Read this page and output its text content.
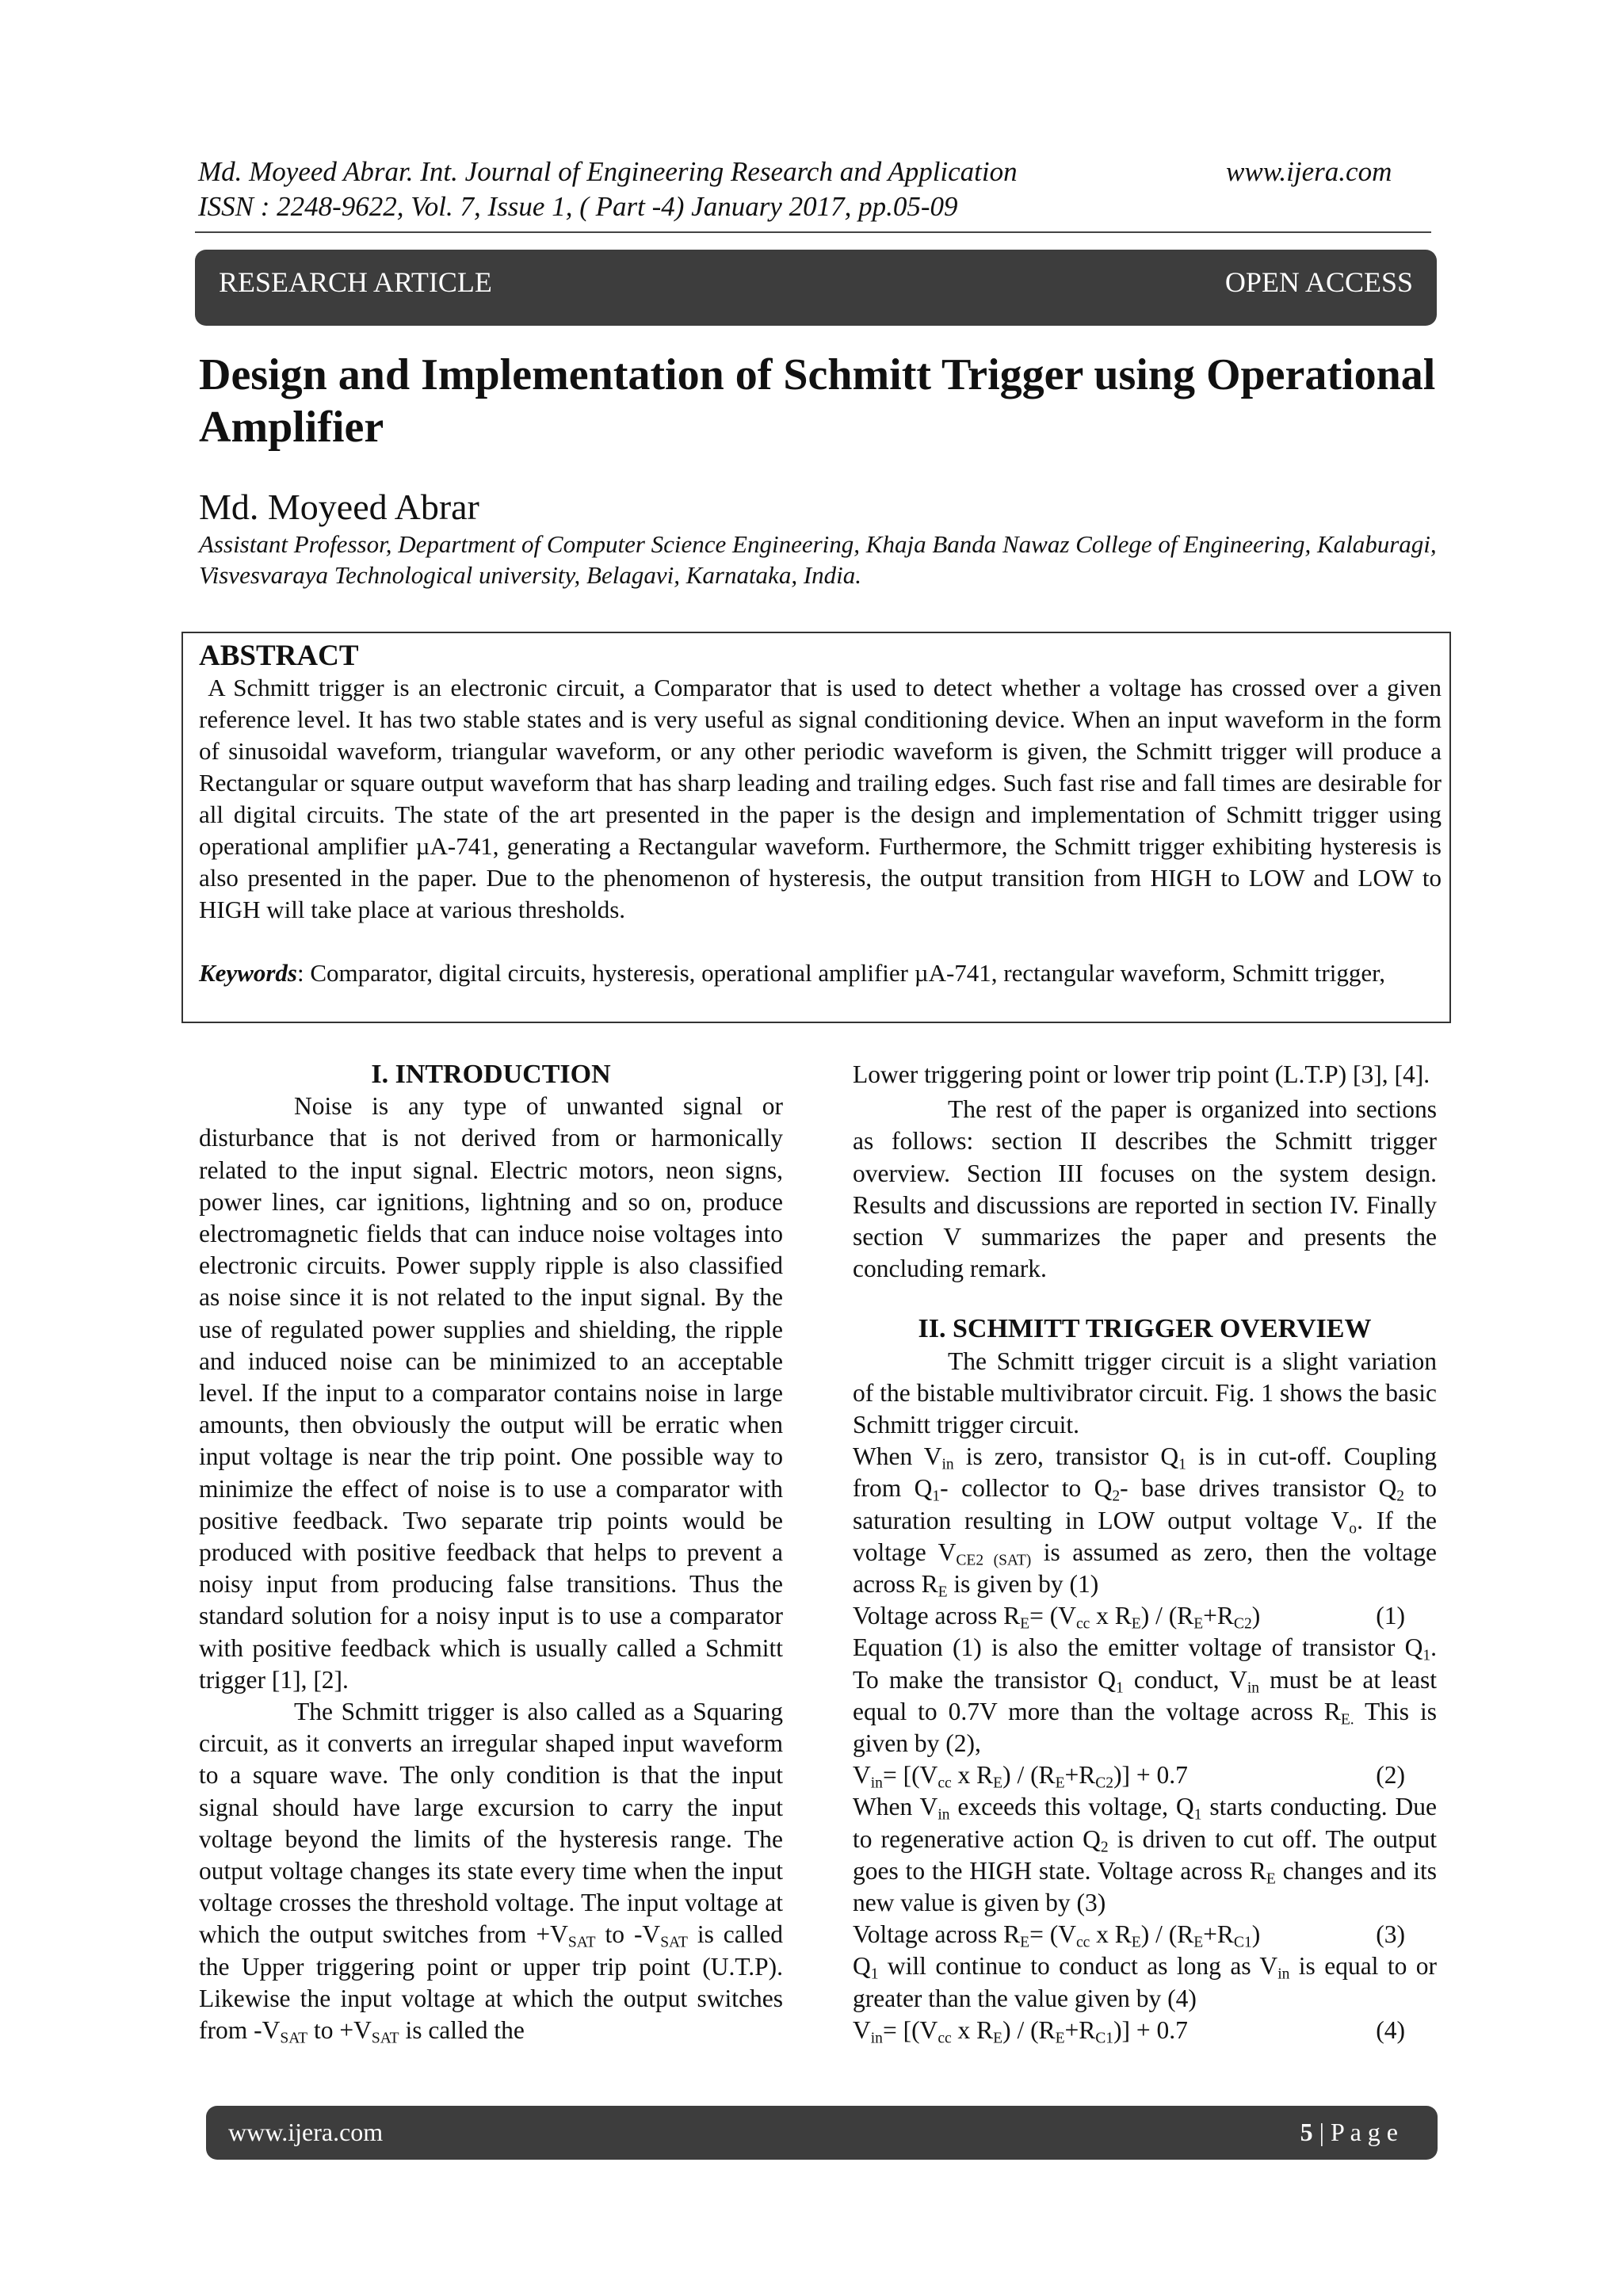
Md. Moyeed Abrar. Int. Journal of Engineering Research and Application	www.ijera.com
ISSN : 2248-9622, Vol. 7, Issue 1, ( Part -4) January 2017, pp.05-09
RESEARCH ARTICLE	OPEN ACCESS
Design and Implementation of Schmitt Trigger using Operational Amplifier
Md. Moyeed Abrar
Assistant Professor, Department of Computer Science Engineering, Khaja Banda Nawaz College of Engineering, Kalaburagi, Visvesvaraya Technological university, Belagavi, Karnataka, India.
ABSTRACT
A Schmitt trigger is an electronic circuit, a Comparator that is used to detect whether a voltage has crossed over a given reference level. It has two stable states and is very useful as signal conditioning device. When an input waveform in the form of sinusoidal waveform, triangular waveform, or any other periodic waveform is given, the Schmitt trigger will produce a Rectangular or square output waveform that has sharp leading and trailing edges. Such fast rise and fall times are desirable for all digital circuits. The state of the art presented in the paper is the design and implementation of Schmitt trigger using operational amplifier µA-741, generating a Rectangular waveform. Furthermore, the Schmitt trigger exhibiting hysteresis is also presented in the paper. Due to the phenomenon of hysteresis, the output transition from HIGH to LOW and LOW to HIGH will take place at various thresholds.
Keywords: Comparator, digital circuits, hysteresis, operational amplifier µA-741, rectangular waveform, Schmitt trigger,

I. INTRODUCTION

Noise is any type of unwanted signal or disturbance that is not derived from or harmonically related to the input signal. Electric motors, neon signs, power lines, car ignitions, lightning and so on, produce electromagnetic fields that can induce noise voltages into electronic circuits. Power supply ripple is also classified as noise since it is not related to the input signal. By the use of regulated power supplies and shielding, the ripple and induced noise can be minimized to an acceptable level. If the input to a comparator contains noise in large amounts, then obviously the output will be erratic when input voltage is near the trip point. One possible way to minimize the effect of noise is to use a comparator with positive feedback. Two separate trip points would be produced with positive feedback that helps to prevent a noisy input from producing false transitions. Thus the standard solution for a noisy input is to use a comparator with positive feedback which is usually called a Schmitt trigger [1], [2].

The Schmitt trigger is also called as a Squaring circuit, as it converts an irregular shaped input waveform to a square wave. The only condition is that the input signal should have large excursion to carry the input voltage beyond the limits of the hysteresis range. The output voltage changes its state every time when the input voltage crosses the threshold voltage. The input voltage at which the output switches from $+V_{SAT}$ to $-V_{SAT}$ is called the Upper triggering point or upper trip point (U.T.P). Likewise the input voltage at which the output switches from $-V_{SAT}$ to $+V_{SAT}$ is called the

Lower triggering point or lower trip point (L.T.P) [3], [4].

The rest of the paper is organized into sections as follows: section II describes the Schmitt trigger overview. Section III focuses on the system design. Results and discussions are reported in section IV. Finally section V summarizes the paper and presents the concluding remark.

II. SCHMITT TRIGGER OVERVIEW

The Schmitt trigger circuit is a slight variation of the bistable multivibrator circuit. Fig. 1 shows the basic Schmitt trigger circuit.

When $V_{in}$ is zero, transistor $Q_1$ is in cut-off. Coupling from $Q_1-$ collector to $Q_2-$ base drives transistor $Q_2$ to saturation resulting in LOW output voltage $V_o$. If the voltage $V_{CE2 (SAT)}$ is assumed as zero, then the voltage across $R_E$ is given by (1)

Voltage across $R_E= (V_{cc}$ x $R_E) / (R_E+R_{C2})$	(1)

Equation (1) is also the emitter voltage of transistor $Q_1$. To make the transistor $Q_1$ conduct, $V_{in}$ must be at least equal to 0.7V more than the voltage across $R_{E.}$ This is given by (2),

$V_{in}= [(V_{cc}$ x $R_E) / (R_E+R_{C2})] + 0.7$	(2)

When $V_{in}$ exceeds this voltage, $Q_1$ starts conducting. Due to regenerative action $Q_2$ is driven to cut off. The output goes to the HIGH state. Voltage across $R_E$ changes and its new value is given by (3)

Voltage across $R_E= (V_{cc}$ x $R_E) / (R_E+R_{C1})$	(3)

$Q_1$ will continue to conduct as long as $V_{in}$ is equal to or greater than the value given by (4)

$V_{in}= [(V_{cc}$ x $R_E) / (R_E+R_{C1})] + 0.7$	(4)
www.ijera.com	5 | P a g e
